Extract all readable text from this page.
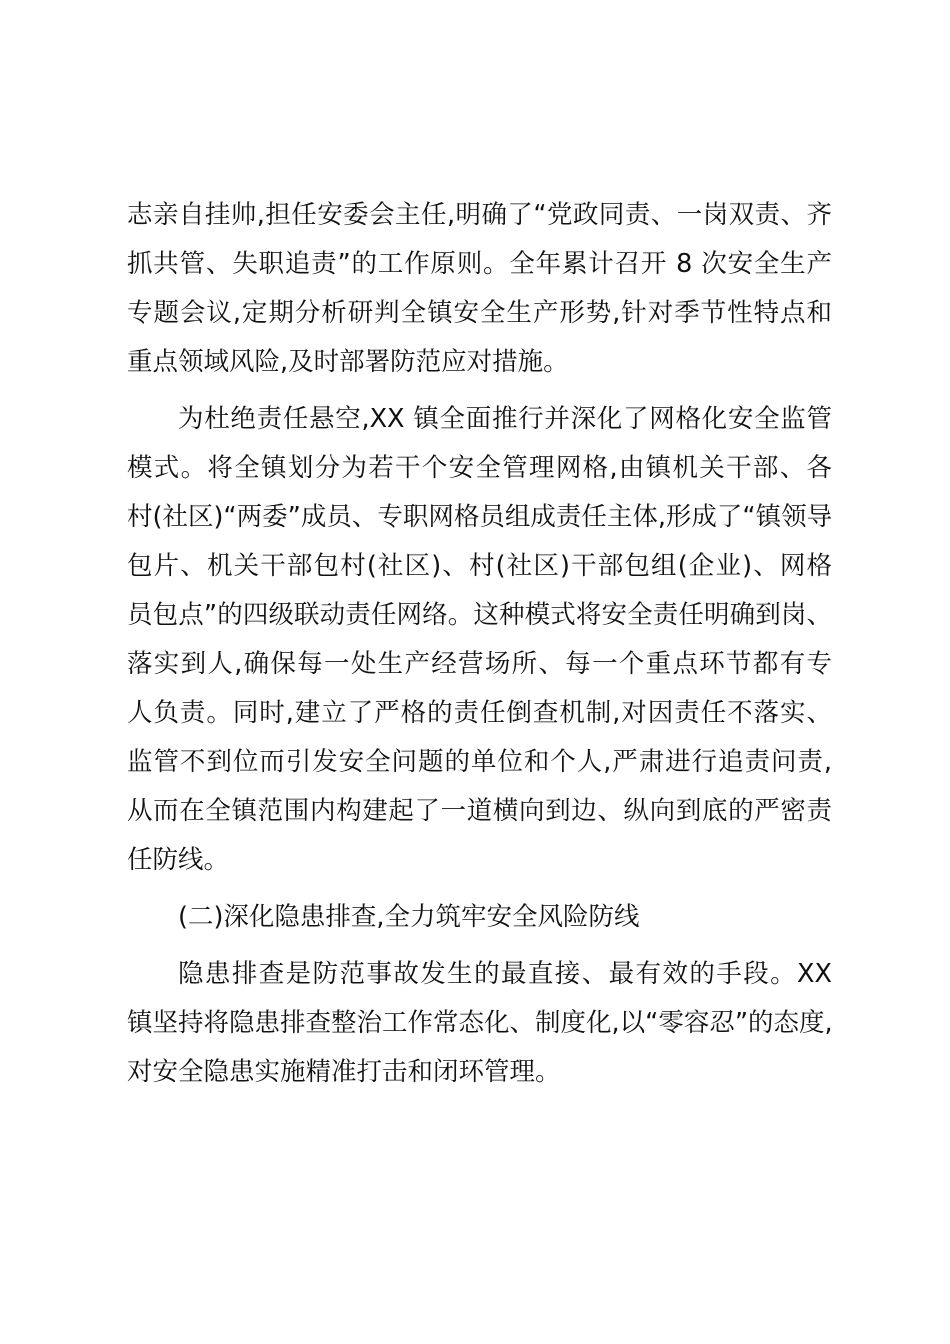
志亲自挂帅,担任安委会主任,明确了“党政同责、一岗双责、齐
抓共管、失职追责”的工作原则。全年累计召开 8 次安全生产
专题会议,定期分析研判全镇安全生产形势,针对季节性特点和
重点领域风险,及时部署防范应对措施。
为杜绝责任悬空,XX 镇全面推行并深化了网格化安全监管
模式。将全镇划分为若干个安全管理网格,由镇机关干部、各
村(社区)“两委”成员、专职网格员组成责任主体,形成了“镇领导
包片、机关干部包村(社区)、村(社区)干部包组(企业)、网格
员包点”的四级联动责任网络。这种模式将安全责任明确到岗、
落实到人,确保每一处生产经营场所、每一个重点环节都有专
人负责。同时,建立了严格的责任倒查机制,对因责任不落实、
监管不到位而引发安全问题的单位和个人,严肃进行追责问责,
从而在全镇范围内构建起了一道横向到边、纵向到底的严密责
任防线。
(二)深化隐患排查,全力筑牢安全风险防线
隐患排查是防范事故发生的最直接、最有效的手段。XX
镇坚持将隐患排查整治工作常态化、制度化,以“零容忍”的态度,
对安全隐患实施精准打击和闭环管理。
